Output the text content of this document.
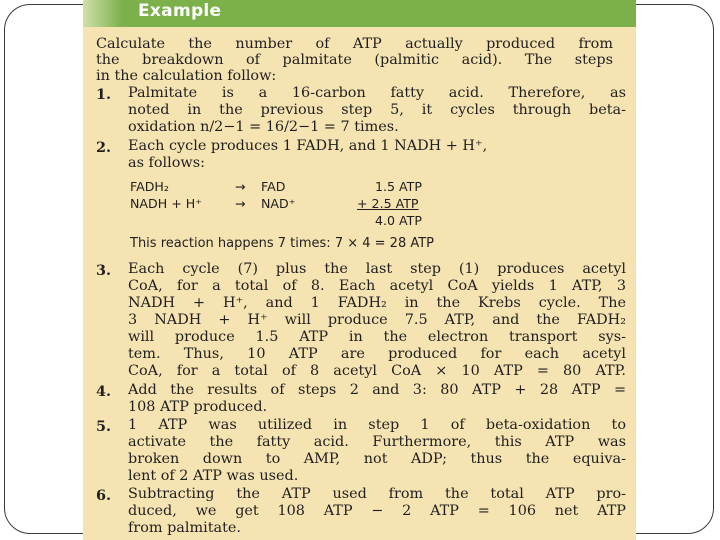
Example
Calculate the number of ATP actually produced from
the breakdown of palmitate (palmitic acid). The steps
in the calculation follow:
1. Palmitate is a 16-carbon fatty acid. Therefore, as
noted in the previous step 5, it cycles through beta-
oxidation n/2−1 = 16/2−1 = 7 times.
2. Each cycle produces 1 FADH, and 1 NADH + H⁺,
as follows:
FADH₂	→ FAD	1.5 ATP
NADH + H⁺	→ NAD⁺	+ 2.5 ATP
4.0 ATP
This reaction happens 7 times: 7 × 4 = 28 ATP
3. Each cycle (7) plus the last step (1) produces acetyl
CoA, for a total of 8. Each acetyl CoA yields 1 ATP, 3
NADH + H⁺, and 1 FADH₂ in the Krebs cycle. The
3 NADH + H⁺ will produce 7.5 ATP, and the FADH₂
will produce 1.5 ATP in the electron transport sys-
tem. Thus, 10 ATP are produced for each acetyl
CoA, for a total of 8 acetyl CoA × 10 ATP = 80 ATP.
4. Add the results of steps 2 and 3: 80 ATP + 28 ATP =
108 ATP produced.
5. 1 ATP was utilized in step 1 of beta-oxidation to
activate the fatty acid. Furthermore, this ATP was
broken down to AMP, not ADP; thus the equiva-
lent of 2 ATP was used.
6. Subtracting the ATP used from the total ATP pro-
duced, we get 108 ATP − 2 ATP = 106 net ATP
from palmitate.
